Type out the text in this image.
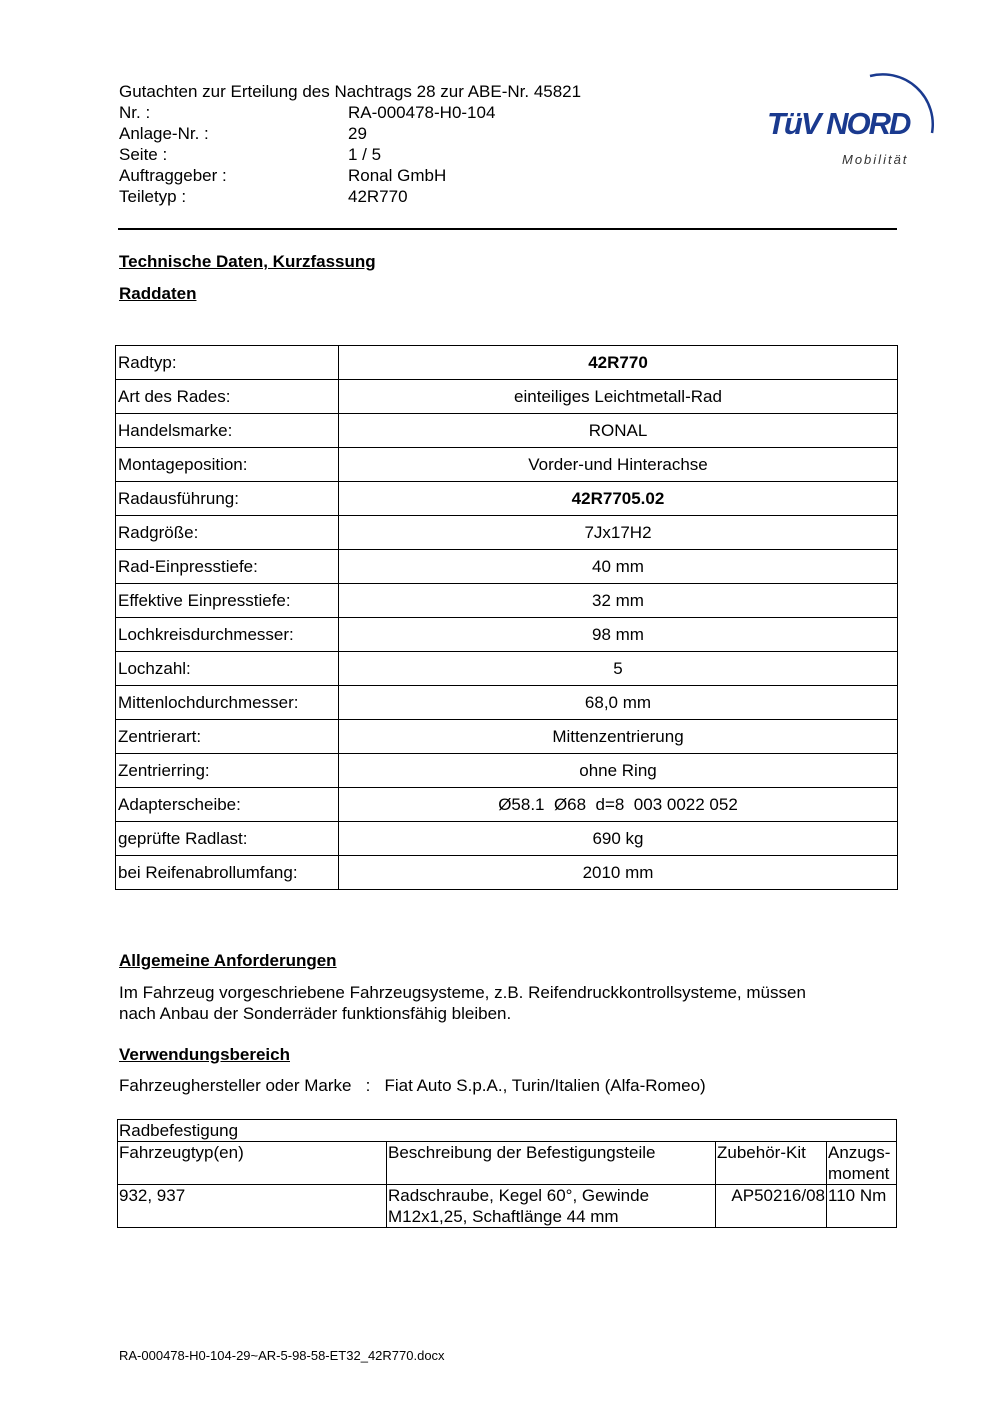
Gutachten zur Erteilung des Nachtrags 28 zur ABE-Nr. 45821
Nr. :	RA-000478-H0-104
Anlage-Nr. :	29
Seite :	1 / 5
Auftraggeber :	Ronal GmbH
Teiletyp :	42R770
TüV NORD
Mobilität
Technische Daten, Kurzfassung
Raddaten
Radtyp:	42R770
Art des Rades:	einteiliges Leichtmetall-Rad
Handelsmarke:	RONAL
Montageposition:	Vorder-und Hinterachse
Radausführung:	42R7705.02
Radgröße:	7Jx17H2
Rad-Einpresstiefe:	40 mm
Effektive Einpresstiefe:	32 mm
Lochkreisdurchmesser:	98 mm
Lochzahl:	5
Mittenlochdurchmesser:	68,0 mm
Zentrierart:	Mittenzentrierung
Zentrierring:	ohne Ring
Adapterscheibe:	Ø58.1  Ø68  d=8  003 0022 052
geprüfte Radlast:	690 kg
bei Reifenabrollumfang:	2010 mm
Allgemeine Anforderungen
Im Fahrzeug vorgeschriebene Fahrzeugsysteme, z.B. Reifendruckkontrollsysteme, müssen
nach Anbau der Sonderräder funktionsfähig bleiben.
Verwendungsbereich
Fahrzeughersteller oder Marke : Fiat Auto S.p.A., Turin/Italien (Alfa-Romeo)
Radbefestigung			
Fahrzeugtyp(en)	Beschreibung der Befestigungsteile	Zubehör-Kit	Anzugs-
moment

932, 937	Radschraube, Kegel 60°, Gewinde
M12x1,25, Schaftlänge 44 mm	AP50216/08	110 Nm
RA-000478-H0-104-29~AR-5-98-58-ET32_42R770.docx
